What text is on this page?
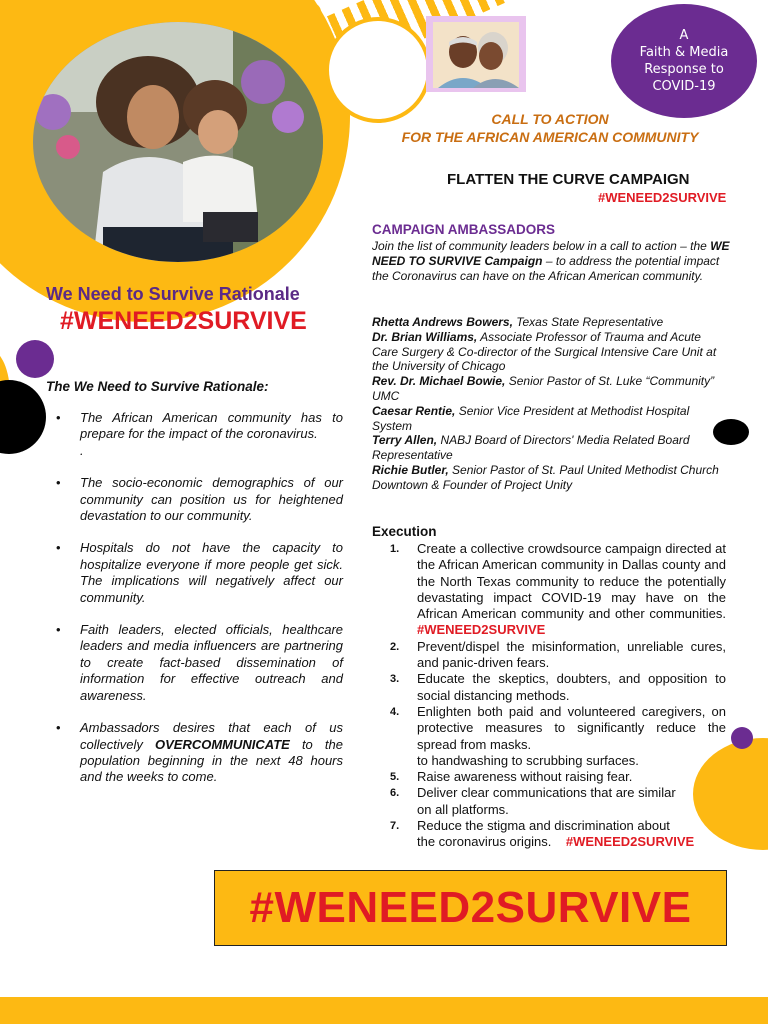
A
Faith & Media
Response to
COVID-19
We Need to Survive Rationale
#WENEED2SURVIVE
The We Need to Survive Rationale:
• The African American community has to prepare for the impact of the coronavirus.
.
• The socio-economic demographics of our community can position us for heightened devastation to our community.
• Hospitals do not have the capacity to hospitalize everyone if more people get sick. The implications will negatively affect our community.
• Faith leaders, elected officials, healthcare leaders and media influencers are partnering to create fact-based dissemination of information for effective outreach and awareness.
• Ambassadors desires that each of us collectively OVERCOMMUNICATE to the population beginning in the next 48 hours and the weeks to come.
CALL TO ACTION
FOR THE AFRICAN AMERICAN COMMUNITY
FLATTEN THE CURVE CAMPAIGN
#WENEED2SURVIVE
CAMPAIGN AMBASSADORS
Join the list of community leaders below in a call to action – the WE NEED TO SURVIVE Campaign – to address the potential impact the Coronavirus can have on the African American community.
Rhetta Andrews Bowers, Texas State Representative
Dr. Brian Williams, Associate Professor of Trauma and Acute Care Surgery & Co-director of the Surgical Intensive Care Unit at the University of Chicago
Rev. Dr. Michael Bowie, Senior Pastor of St. Luke “Community” UMC
Caesar Rentie, Senior Vice President at Methodist Hospital System
Terry Allen, NABJ Board of Directors' Media Related Board Representative
Richie Butler, Senior Pastor of St. Paul United Methodist Church Downtown & Founder of Project Unity
Execution
1. Create a collective crowdsource campaign directed at the African American community in Dallas county and the North Texas community to reduce the potentially devastating impact COVID-19 may have on the African American community and other communities. #WENEED2SURVIVE
2. Prevent/dispel the misinformation, unreliable cures, and panic-driven fears.
3. Educate the skeptics, doubters, and opposition to social distancing methods.
4. Enlighten both paid and volunteered caregivers, on protective measures to significantly reduce the spread from masks.
to handwashing to scrubbing surfaces.
5. Raise awareness without raising fear.
6. Deliver clear communications that are similar
on all platforms.
7. Reduce the stigma and discrimination about
the coronavirus origins. #WENEED2SURVIVE
#WENEED2SURVIVE
